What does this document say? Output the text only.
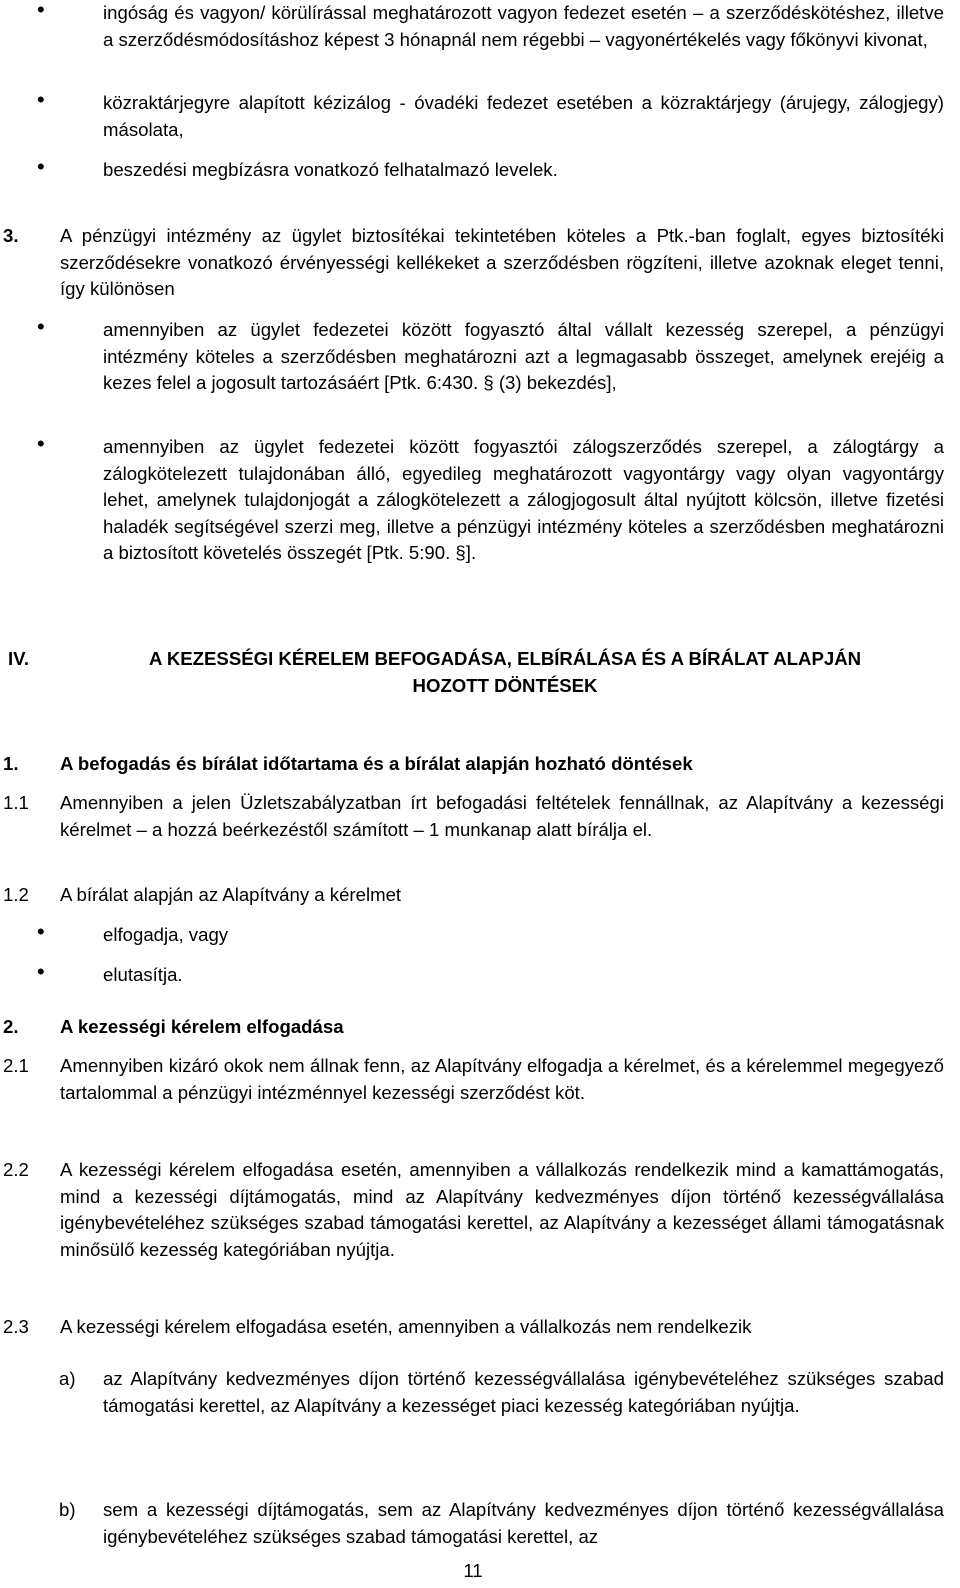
•	ingóság és vagyon/ körülírással meghatározott vagyon fedezet esetén – a szerződéskötéshez, illetve a szerződésmódosításhoz képest 3 hónapnál nem régebbi – vagyonértékelés vagy főkönyvi kivonat,

•	közraktárjegyre alapított kézizálog - óvadéki fedezet esetében a közraktárjegy (árujegy, zálogjegy) másolata,

•	beszedési megbízásra vonatkozó felhatalmazó levelek.

3. A pénzügyi intézmény az ügylet biztosítékai tekintetében köteles a Ptk.-ban foglalt, egyes biztosítéki szerződésekre vonatkozó érvényességi kellékeket a szerződésben rögzíteni, illetve azoknak eleget tenni, így különösen

•	amennyiben az ügylet fedezetei között fogyasztó által vállalt kezesség szerepel, a pénzügyi intézmény köteles a szerződésben meghatározni azt a legmagasabb összeget, amelynek erejéig a kezes felel a jogosult tartozásáért [Ptk. 6:430. § (3) bekezdés],

•	amennyiben az ügylet fedezetei között fogyasztói zálogszerződés szerepel, a zálogtárgy a zálogkötelezett tulajdonában álló, egyedileg meghatározott vagyontárgy vagy olyan vagyontárgy lehet, amelynek tulajdonjogát a zálogkötelezett a zálogjogosult által nyújtott kölcsön, illetve fizetési haladék segítségével szerzi meg, illetve a pénzügyi intézmény köteles a szerződésben meghatározni a biztosított követelés összegét [Ptk. 5:90. §].

IV.	A KEZESSÉGI KÉRELEM BEFOGADÁSA, ELBÍRÁLÁSA ÉS A BÍRÁLAT ALAPJÁN

HOZOTT DÖNTÉSEK

1. A befogadás és bírálat időtartama és a bírálat alapján hozható döntések

1.1 Amennyiben a jelen Üzletszabályzatban írt befogadási feltételek fennállnak, az Alapítvány a kezességi kérelmet – a hozzá beérkezéstől számított – 1 munkanap alatt bírálja el.

1.2 A bírálat alapján az Alapítvány a kérelmet

•	elfogadja, vagy

•	elutasítja.

2. A kezességi kérelem elfogadása

2.1 Amennyiben kizáró okok nem állnak fenn, az Alapítvány elfogadja a kérelmet, és a kérelemmel megegyező tartalommal a pénzügyi intézménnyel kezességi szerződést köt.

2.2 A kezességi kérelem elfogadása esetén, amennyiben a vállalkozás rendelkezik mind a kamattámogatás, mind a kezességi díjtámogatás, mind az Alapítvány kedvezményes díjon történő kezességvállalása igénybevételéhez szükséges szabad támogatási kerettel, az Alapítvány a kezességet állami támogatásnak minősülő kezesség kategóriában nyújtja.

2.3 A kezességi kérelem elfogadása esetén, amennyiben a vállalkozás nem rendelkezik

a) az Alapítvány kedvezményes díjon történő kezességvállalása igénybevételéhez szükséges szabad támogatási kerettel, az Alapítvány a kezességet piaci kezesség kategóriában nyújtja.

b) sem a kezességi díjtámogatás, sem az Alapítvány kedvezményes díjon történő kezességvállalása igénybevételéhez szükséges szabad támogatási kerettel, az

11
